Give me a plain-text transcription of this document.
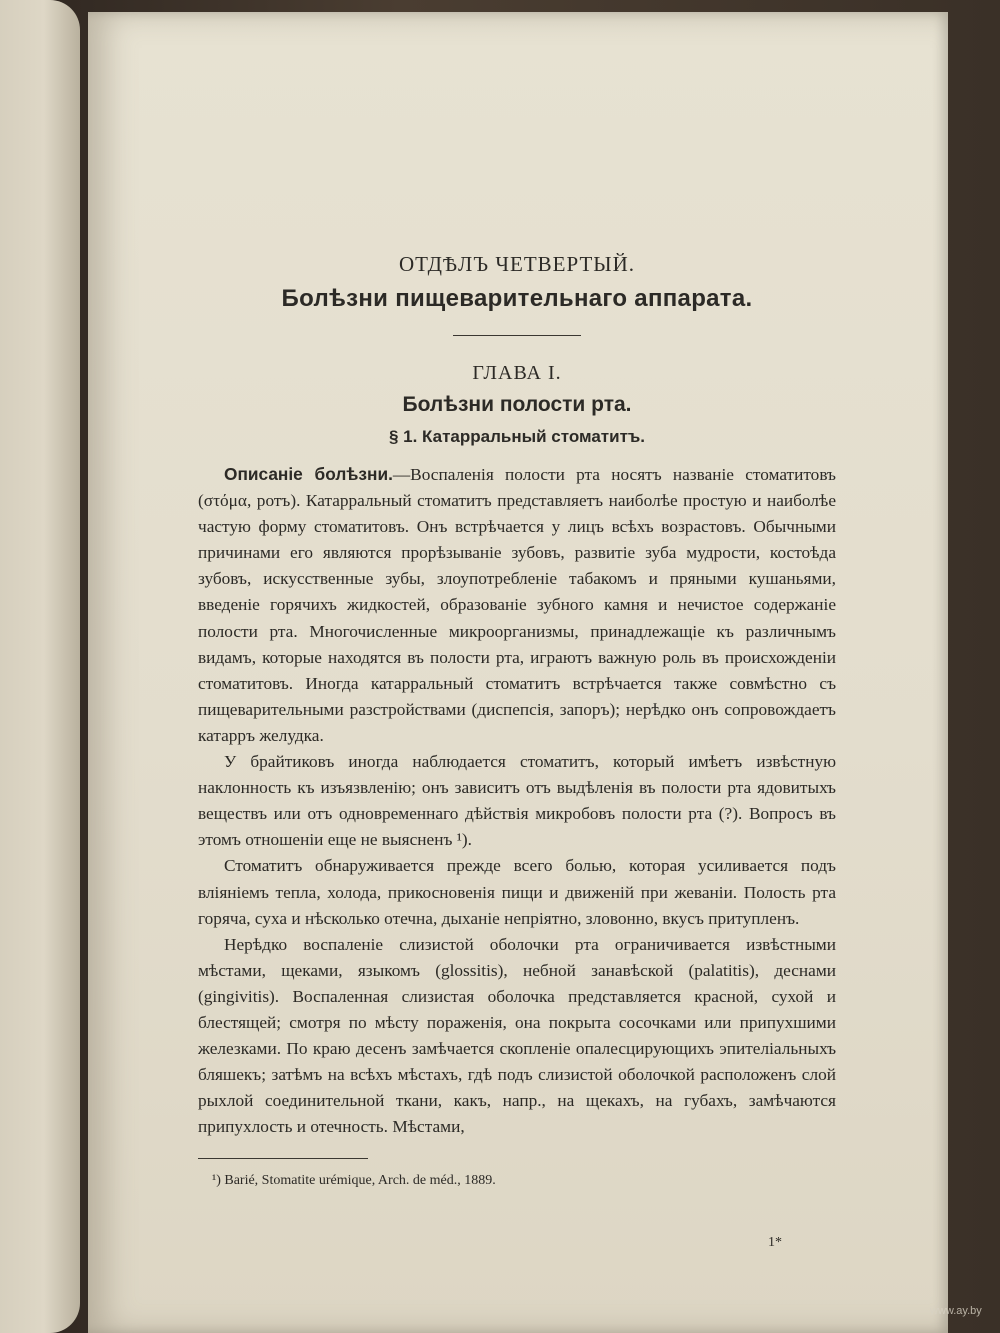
ОТДѢЛЪ ЧЕТВЕРТЫЙ.
Болѣзни пищеварительнаго аппарата.
ГЛАВА I.
Болѣзни полости рта.
§ 1. Катарральный стоматитъ.

Описаніе болѣзни.—Воспаленія полости рта носятъ названіе стоматитовъ (στόμα, ротъ). Катарральный стоматитъ представляетъ наиболѣе простую и наиболѣе частую форму стоматитовъ. Онъ встрѣчается у лицъ всѣхъ возрастовъ. Обычными причинами его являются прорѣзываніе зубовъ, развитіе зуба мудрости, костоѣда зубовъ, искусственные зубы, злоупотребленіе табакомъ и пряными кушаньями, введеніе горячихъ жидкостей, образованіе зубного камня и нечистое содержаніе полости рта. Многочисленные микроорганизмы, принадлежащіе къ различнымъ видамъ, которые находятся въ полости рта, играютъ важную роль въ происхожденіи стоматитовъ. Иногда катарральный стоматитъ встрѣчается также совмѣстно съ пищеварительными разстройствами (диспепсія, запоръ); нерѣдко онъ сопровождаетъ катарръ желудка.

У брайтиковъ иногда наблюдается стоматитъ, который имѣетъ извѣстную наклонность къ изъязвленію; онъ зависитъ отъ выдѣленія въ полости рта ядовитыхъ веществъ или отъ одновременнаго дѣйствія микробовъ полости рта (?). Вопросъ въ этомъ отношеніи еще не выясненъ ¹).

Стоматитъ обнаруживается прежде всего болью, которая усиливается подъ вліяніемъ тепла, холода, прикосновенія пищи и движеній при жеваніи. Полость рта горяча, суха и нѣсколько отечна, дыханіе непріятно, зловонно, вкусъ притупленъ.

Нерѣдко воспаленіе слизистой оболочки рта ограничивается извѣстными мѣстами, щеками, языкомъ (glossitis), небной занавѣской (palatitis), деснами (gingivitis). Воспаленная слизистая оболочка представляется красной, сухой и блестящей; смотря по мѣсту пораженія, она покрыта сосочками или припухшими железками. По краю десенъ замѣчается скопленіе опалесцирующихъ эпителіальныхъ бляшекъ; затѣмъ на всѣхъ мѣстахъ, гдѣ подъ слизистой оболочкой расположенъ слой рыхлой соединительной ткани, какъ, напр., на щекахъ, на губахъ, замѣчаются припухлость и отечность. Мѣстами,

¹) Barié, Stomatite urémique, Arch. de méd., 1889.
1*
www.ay.by
